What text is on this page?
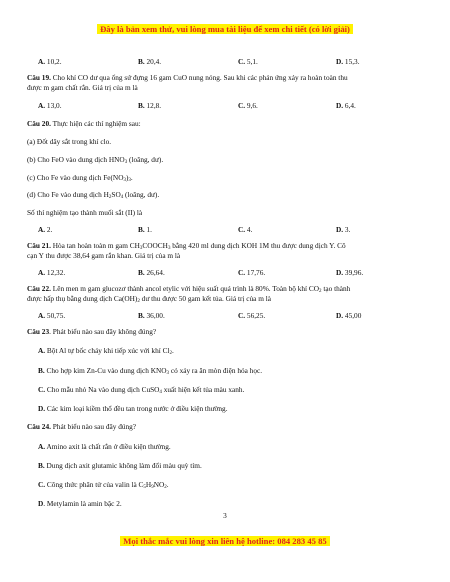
Đây là bản xem thử, vui lòng mua tài liệu để xem chi tiết (có lời giải)
A. 10,2.	B. 20,4.	C. 5,1.	D. 15,3.
Câu 19. Cho khí CO dư qua ống sứ đựng 16 gam CuO nung nóng. Sau khi các phản ứng xảy ra hoàn toàn thu
được m gam chất rắn. Giá trị của m là
A. 13,0.	B. 12,8.	C. 9,6.	D. 6,4.
Câu 20. Thực hiện các thí nghiệm sau:
(a) Đốt dây sắt trong khí clo.
(b) Cho FeO vào dung dịch $HNO_3$ (loãng, dư).
(c) Cho Fe vào dung dịch $Fe(NO_3)_3$.
(d) Cho Fe vào dung dịch $H_2SO_4$ (loãng, dư).
Số thí nghiệm tạo thành muối sắt (II) là
A. 2.	B. 1.	C. 4.	D. 3.
Câu 21. Hòa tan hoàn toàn m gam $CH_3COOCH_3$ bằng 420 ml dung dịch KOH 1M thu được dung dịch Y. Cô
cạn Y thu được 38,64 gam rắn khan. Giá trị của m là
A. 12,32.	B. 26,64.	C. 17,76.	D. 39,96.
Câu 22. Lên men m gam glucozơ thành ancol etylic với hiệu suất quá trình là 80%. Toàn bộ khí $CO_2$ tạo thành
được hấp thụ bằng dung dịch $Ca(OH)_2$ dư thu được 50 gam kết tủa. Giá trị của m là
A. 50,75.	B. 36,00.	C. 56,25.	D. 45,00
Câu 23. Phát biểu nào sau đây không đúng?
A. Bột Al tự bốc cháy khi tiếp xúc với khí $Cl_2$.
B. Cho hợp kim Zn-Cu vào dung dịch $KNO_3$ có xảy ra ăn mòn điện hóa học.
C. Cho mẫu nhỏ Na vào dung dịch CuSO$_4$ xuất hiện kết tủa màu xanh.
D. Các kim loại kiềm thổ đều tan trong nước ở điều kiện thường.
Câu 24. Phát biểu nào sau đây đúng?
A. Amino axit là chất rắn ở điều kiện thường.
B. Dung dịch axit glutamic không làm đổi màu quỳ tím.
C. Công thức phân tử của valin là $C_5H_9NO_2$.
D. Metylamin là amin bậc 2.
3
Mọi thắc mắc vui lòng xin liên hệ hotline: 084 283 45 85
